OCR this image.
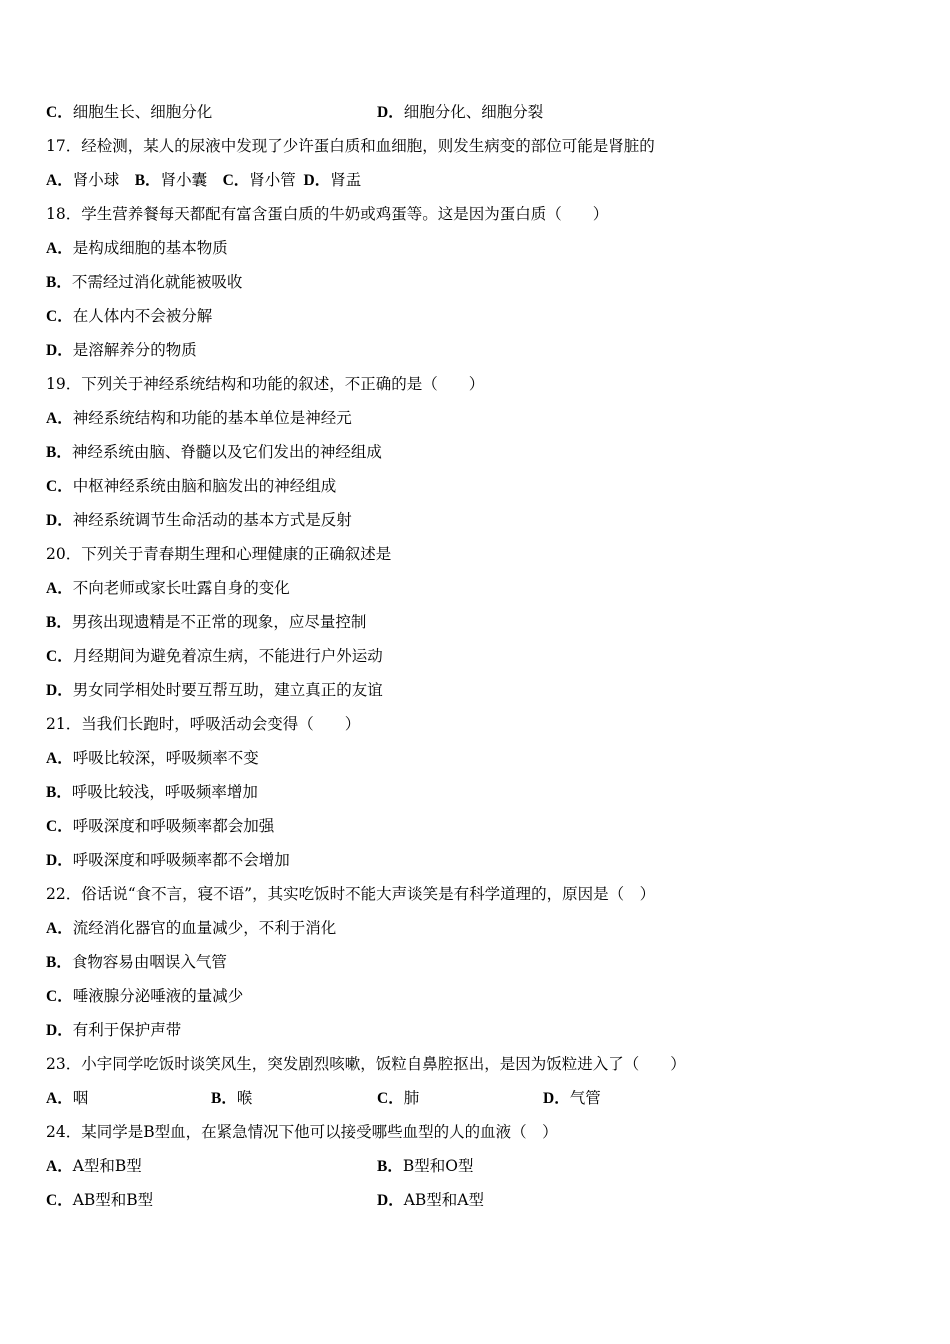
C．细胞生长、细胞分化	D．细胞分化、细胞分裂
17．经检测，某人的尿液中发现了少许蛋白质和血细胞，则发生病变的部位可能是肾脏的
A．肾小球  B．肾小囊  C．肾小管  D．肾盂
18．学生营养餐每天都配有富含蛋白质的牛奶或鸡蛋等。这是因为蛋白质（　　）
A．是构成细胞的基本物质
B．不需经过消化就能被吸收
C．在人体内不会被分解
D．是溶解养分的物质
19．下列关于神经系统结构和功能的叙述，不正确的是（　　）
A．神经系统结构和功能的基本单位是神经元
B．神经系统由脑、脊髓以及它们发出的神经组成
C．中枢神经系统由脑和脑发出的神经组成
D．神经系统调节生命活动的基本方式是反射
20．下列关于青春期生理和心理健康的正确叙述是
A．不向老师或家长吐露自身的变化
B．男孩出现遗精是不正常的现象，应尽量控制
C．月经期间为避免着凉生病，不能进行户外运动
D．男女同学相处时要互帮互助，建立真正的友谊
21．当我们长跑时，呼吸活动会变得（　　）
A．呼吸比较深，呼吸频率不变
B．呼吸比较浅，呼吸频率增加
C．呼吸深度和呼吸频率都会加强
D．呼吸深度和呼吸频率都不会增加
22．俗话说“食不言，寝不语”，其实吃饭时不能大声谈笑是有科学道理的，原因是（　）
A．流经消化器官的血量减少，不利于消化
B．食物容易由咽误入气管
C．唾液腺分泌唾液的量减少
D．有利于保护声带
23．小宇同学吃饭时谈笑风生，突发剧烈咳嗽，饭粒自鼻腔抠出，是因为饭粒进入了（　　）
A．咽	B．喉	C．肺	D．气管
24．某同学是B型血，在紧急情况下他可以接受哪些血型的人的血液（　）
A．A型和B型	B．B型和O型
C．AB型和B型	D．AB型和A型
